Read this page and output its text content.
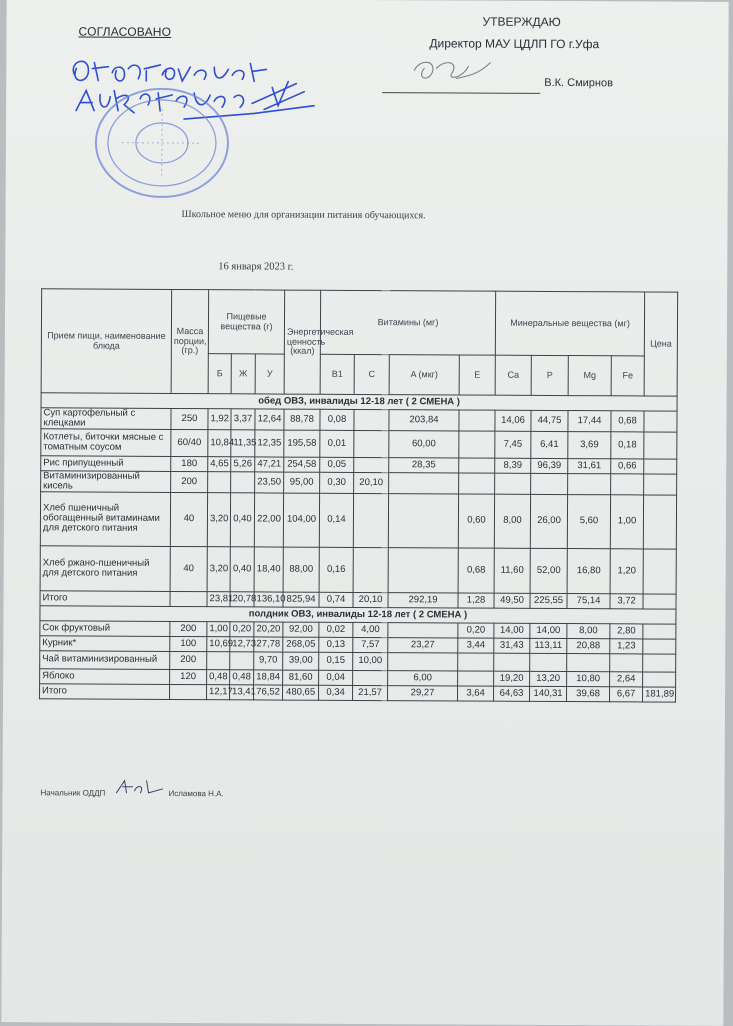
СОГЛАСОВАНО
УТВЕРЖДАЮ
Директор МАУ ЦДЛП ГО г.Уфа
В.К. Смирнов
Школьное меню для организации питания обучающихся.
16 января 2023 г.
Прием пищи, наименование блюда	Масса порции, (гр.)	Пищевые вещества (г)			Энергетическая ценность (ккал)	Витамины (мг)				Минеральные вещества (мг)				Цена
		Б	Ж	У		B1	C	A (мкг)	E	Ca	P	Mg	Fe	
обед ОВЗ, инвалиды 12-18 лет ( 2 СМЕНА )														
Суп картофельный с клецками	250	1,92	3,37	12,64	88,78	0,08		203,84		14,06	44,75	17,44	0,68	
Котлеты, биточки мясные с томатным соусом	60/40	10,84	11,35	12,35	195,58	0,01		60,00		7,45	6,41	3,69	0,18	
Рис припущенный	180	4,65	5,26	47,21	254,58	0,05		28,35		8,39	96,39	31,61	0,66	
Витаминизированный кисель	200			23,50	95,00	0,30	20,10							
Хлеб пшеничный обогащенный витаминами для детского питания	40	3,20	0,40	22,00	104,00	0,14			0,60	8,00	26,00	5,60	1,00	
Хлеб ржано-пшеничный для детского питания	40	3,20	0,40	18,40	88,00	0,16			0,68	11,60	52,00	16,80	1,20	
Итого		23,81	20,78	136,10	825,94	0,74	20,10	292,19	1,28	49,50	225,55	75,14	3,72	
полдник ОВЗ, инвалиды 12-18 лет ( 2 СМЕНА )														
Сок фруктовый	200	1,00	0,20	20,20	92,00	0,02	4,00		0,20	14,00	14,00	8,00	2,80	
Курник*	100	10,69	12,73	27,78	268,05	0,13	7,57	23,27	3,44	31,43	113,11	20,88	1,23	
Чай витаминизированный	200			9,70	39,00	0,15	10,00							
Яблоко	120	0,48	0,48	18,84	81,60	0,04		6,00		19,20	13,20	10,80	2,64	
Итого		12,17	13,41	76,52	480,65	0,34	21,57	29,27	3,64	64,63	140,31	39,68	6,67	181,89
Начальник ОДДП	Исламова Н.А.
